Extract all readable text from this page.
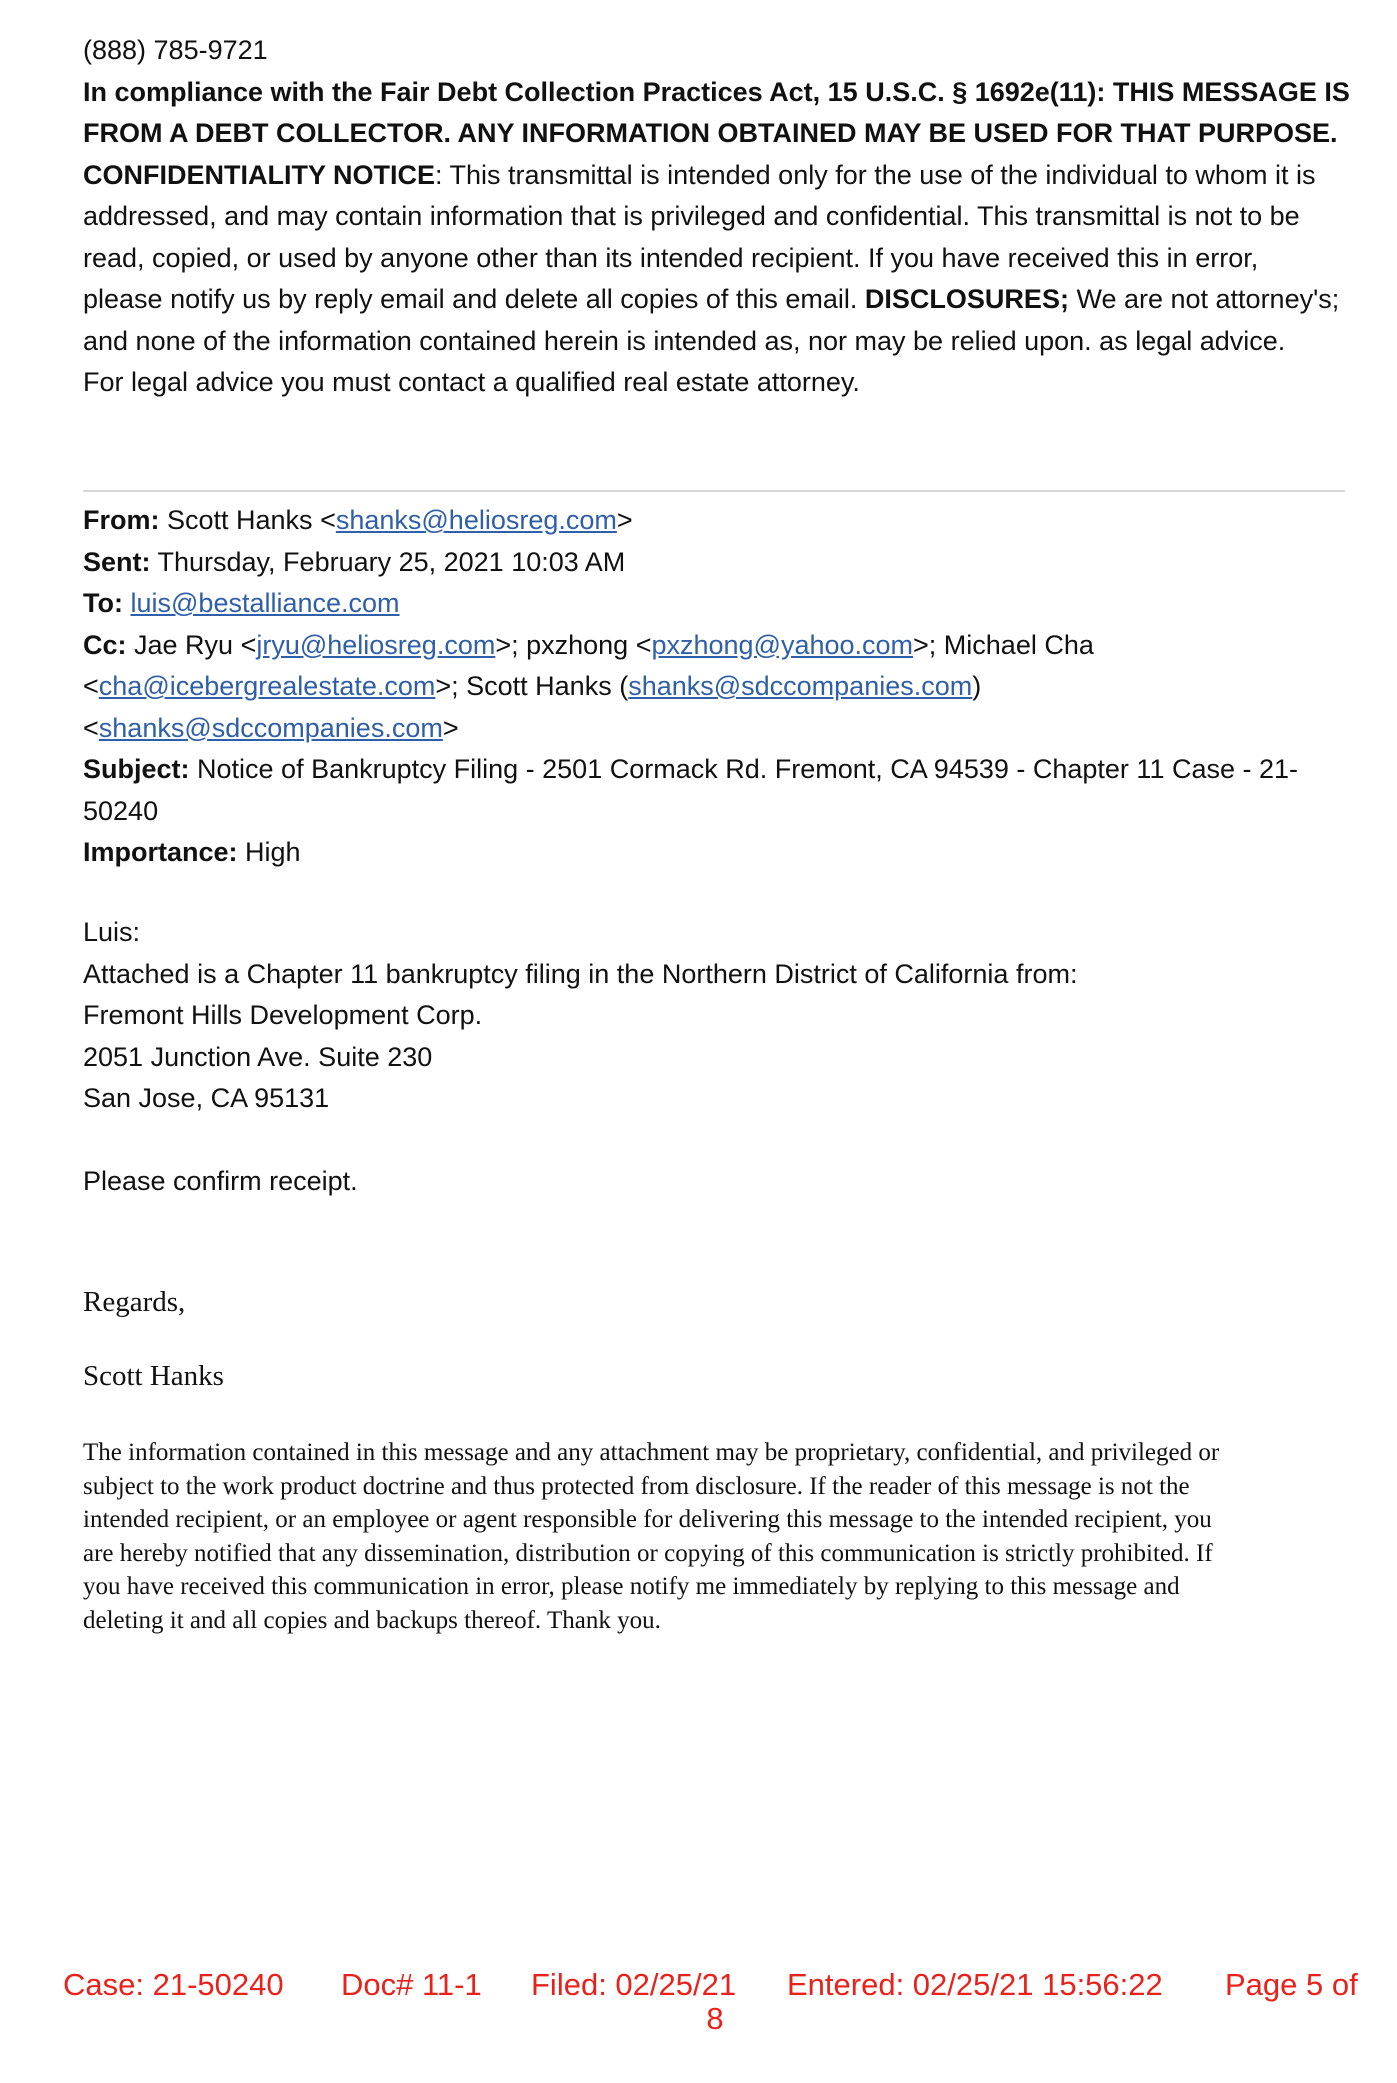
(888) 785-9721
In compliance with the Fair Debt Collection Practices Act, 15 U.S.C. § 1692e(11): THIS MESSAGE IS
FROM A DEBT COLLECTOR. ANY INFORMATION OBTAINED MAY BE USED FOR THAT PURPOSE.
CONFIDENTIALITY NOTICE: This transmittal is intended only for the use of the individual to whom it is addressed, and may contain information that is privileged and confidential. This transmittal is not to be read, copied, or used by anyone other than its intended recipient. If you have received this in error, please notify us by reply email and delete all copies of this email. DISCLOSURES; We are not attorney's; and none of the information contained herein is intended as, nor may be relied upon. as legal advice.
For legal advice you must contact a qualified real estate attorney.
From: Scott Hanks <shanks@heliosreg.com>
Sent: Thursday, February 25, 2021 10:03 AM
To: luis@bestalliance.com
Cc: Jae Ryu <jryu@heliosreg.com>; pxzhong <pxzhong@yahoo.com>; Michael Cha
<cha@icebergrealestate.com>; Scott Hanks (shanks@sdccompanies.com)
<shanks@sdccompanies.com>
Subject: Notice of Bankruptcy Filing - 2501 Cormack Rd. Fremont, CA 94539 - Chapter 11 Case - 21-
50240
Importance: High
Luis:
Attached is a Chapter 11 bankruptcy filing in the Northern District of California from:
Fremont Hills Development Corp.
2051 Junction Ave. Suite 230
San Jose, CA 95131

Please confirm receipt.
Regards,
Scott Hanks
The information contained in this message and any attachment may be proprietary, confidential, and privileged or
subject to the work product doctrine and thus protected from disclosure. If the reader of this message is not the
intended recipient, or an employee or agent responsible for delivering this message to the intended recipient, you
are hereby notified that any dissemination, distribution or copying of this communication is strictly prohibited. If
you have received this communication in error, please notify me immediately by replying to this message and
deleting it and all copies and backups thereof. Thank you.
Case: 21-50240 Doc# 11-1 Filed: 02/25/21 Entered: 02/25/21 15:56:22 Page 5 of
8
